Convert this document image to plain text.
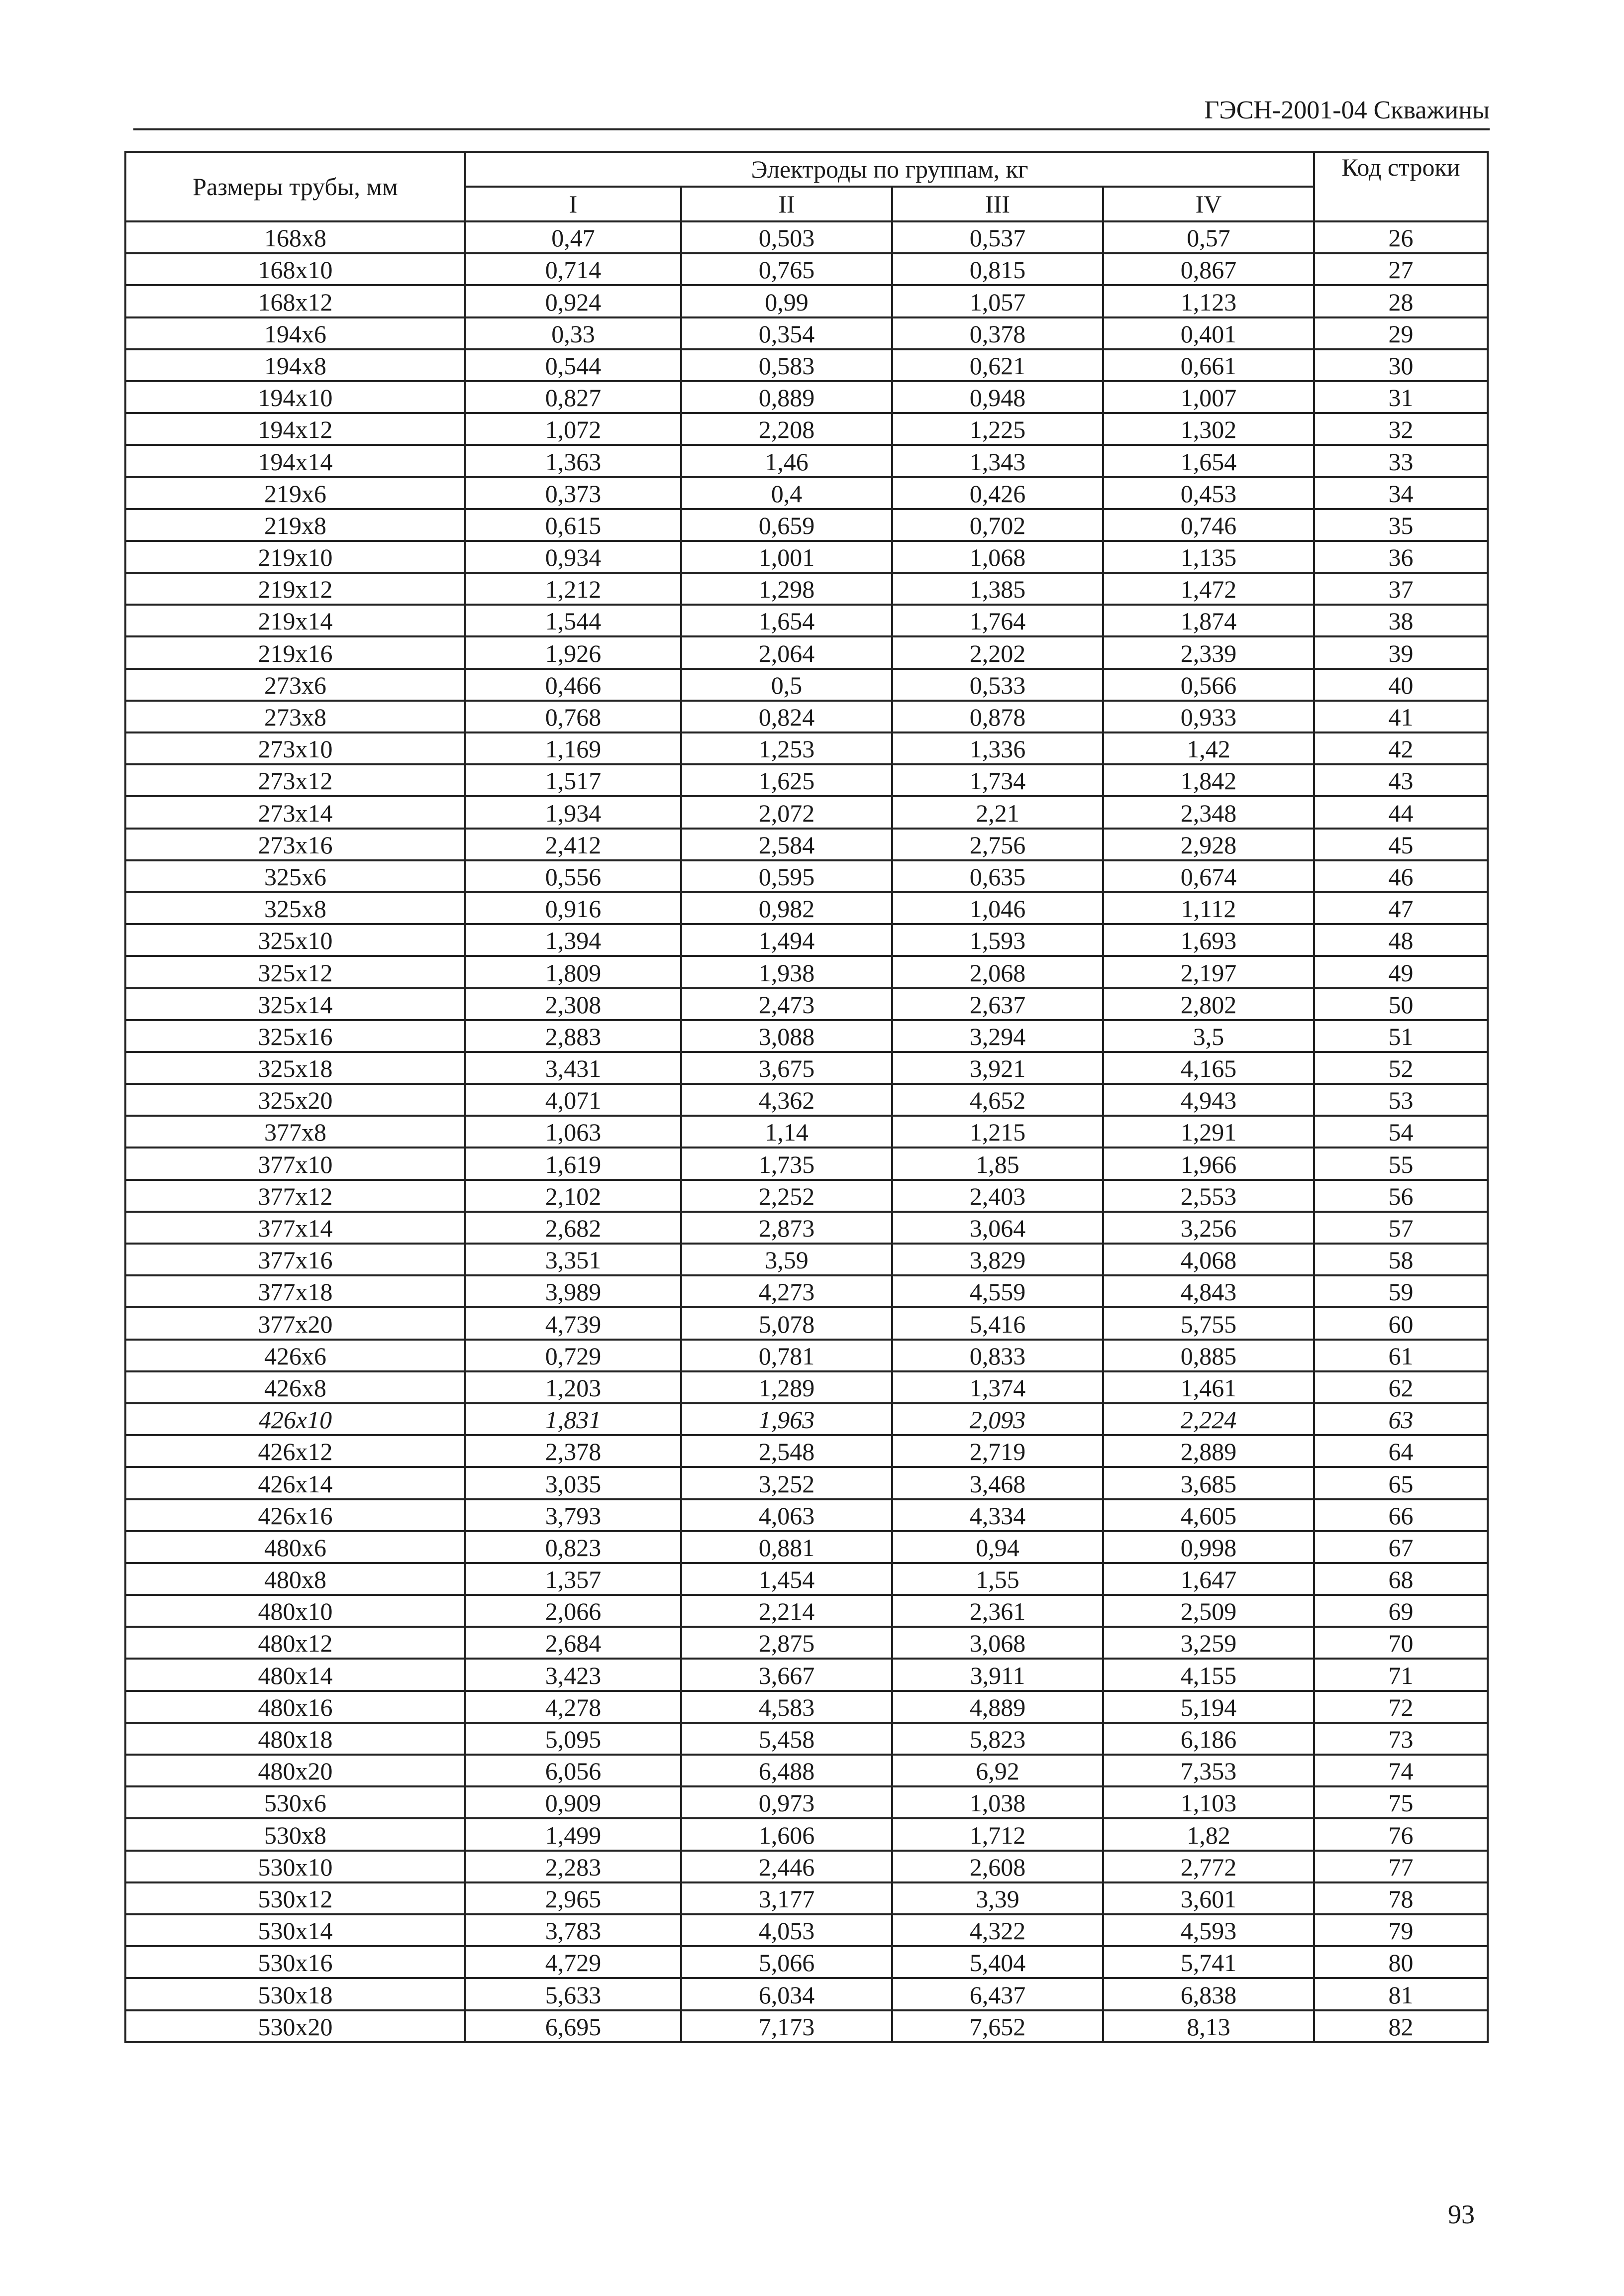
ГЭСН-2001-04 Скважины
Размеры трубы, мм	Электроды по группам, кг				Код строки
	I	II	III	IV	
168x8	0,47	0,503	0,537	0,57	26
168x10	0,714	0,765	0,815	0,867	27
168x12	0,924	0,99	1,057	1,123	28
194x6	0,33	0,354	0,378	0,401	29
194x8	0,544	0,583	0,621	0,661	30
194x10	0,827	0,889	0,948	1,007	31
194x12	1,072	2,208	1,225	1,302	32
194x14	1,363	1,46	1,343	1,654	33
219x6	0,373	0,4	0,426	0,453	34
219x8	0,615	0,659	0,702	0,746	35
219x10	0,934	1,001	1,068	1,135	36
219x12	1,212	1,298	1,385	1,472	37
219x14	1,544	1,654	1,764	1,874	38
219x16	1,926	2,064	2,202	2,339	39
273x6	0,466	0,5	0,533	0,566	40
273x8	0,768	0,824	0,878	0,933	41
273x10	1,169	1,253	1,336	1,42	42
273x12	1,517	1,625	1,734	1,842	43
273x14	1,934	2,072	2,21	2,348	44
273x16	2,412	2,584	2,756	2,928	45
325x6	0,556	0,595	0,635	0,674	46
325x8	0,916	0,982	1,046	1,112	47
325x10	1,394	1,494	1,593	1,693	48
325x12	1,809	1,938	2,068	2,197	49
325x14	2,308	2,473	2,637	2,802	50
325x16	2,883	3,088	3,294	3,5	51
325x18	3,431	3,675	3,921	4,165	52
325x20	4,071	4,362	4,652	4,943	53
377x8	1,063	1,14	1,215	1,291	54
377x10	1,619	1,735	1,85	1,966	55
377x12	2,102	2,252	2,403	2,553	56
377x14	2,682	2,873	3,064	3,256	57
377x16	3,351	3,59	3,829	4,068	58
377x18	3,989	4,273	4,559	4,843	59
377x20	4,739	5,078	5,416	5,755	60
426x6	0,729	0,781	0,833	0,885	61
426x8	1,203	1,289	1,374	1,461	62
426x10	1,831	1,963	2,093	2,224	63
426x12	2,378	2,548	2,719	2,889	64
426x14	3,035	3,252	3,468	3,685	65
426x16	3,793	4,063	4,334	4,605	66
480x6	0,823	0,881	0,94	0,998	67
480x8	1,357	1,454	1,55	1,647	68
480x10	2,066	2,214	2,361	2,509	69
480x12	2,684	2,875	3,068	3,259	70
480x14	3,423	3,667	3,911	4,155	71
480x16	4,278	4,583	4,889	5,194	72
480x18	5,095	5,458	5,823	6,186	73
480x20	6,056	6,488	6,92	7,353	74
530x6	0,909	0,973	1,038	1,103	75
530x8	1,499	1,606	1,712	1,82	76
530x10	2,283	2,446	2,608	2,772	77
530x12	2,965	3,177	3,39	3,601	78
530x14	3,783	4,053	4,322	4,593	79
530x16	4,729	5,066	5,404	5,741	80
530x18	5,633	6,034	6,437	6,838	81
530x20	6,695	7,173	7,652	8,13	82
93
